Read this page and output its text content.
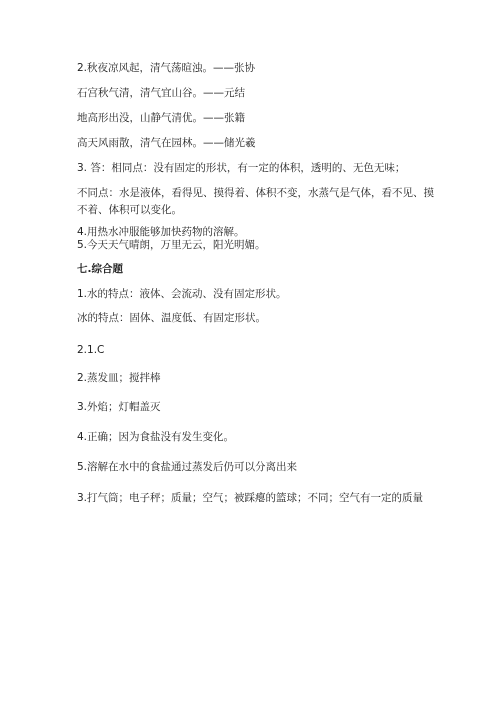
2.秋夜凉风起，清气荡暄浊。——张协
石宫秋气清，清气宜山谷。——元结
地高形出没，山静气清优。——张籍
高天风雨散，清气在园林。——储光羲
3. 答：相同点：没有固定的形状，有一定的体积，透明的、无色无味；
不同点：水是液体，看得见、摸得着、体积不变，水蒸气是气体，看不见、摸
不着、体积可以变化。
4.用热水冲服能够加快药物的溶解。
5.今天天气晴朗，万里无云，阳光明媚。
七.综合题
1.水的特点：液体、会流动、没有固定形状。
冰的特点：固体、温度低、有固定形状。
2.1.C
2.蒸发皿；搅拌棒
3.外焰；灯帽盖灭
4.正确；因为食盐没有发生变化。
5.溶解在水中的食盐通过蒸发后仍可以分离出来
3.打气筒；电子秤；质量；空气；被踩瘪的篮球；不同；空气有一定的质量
